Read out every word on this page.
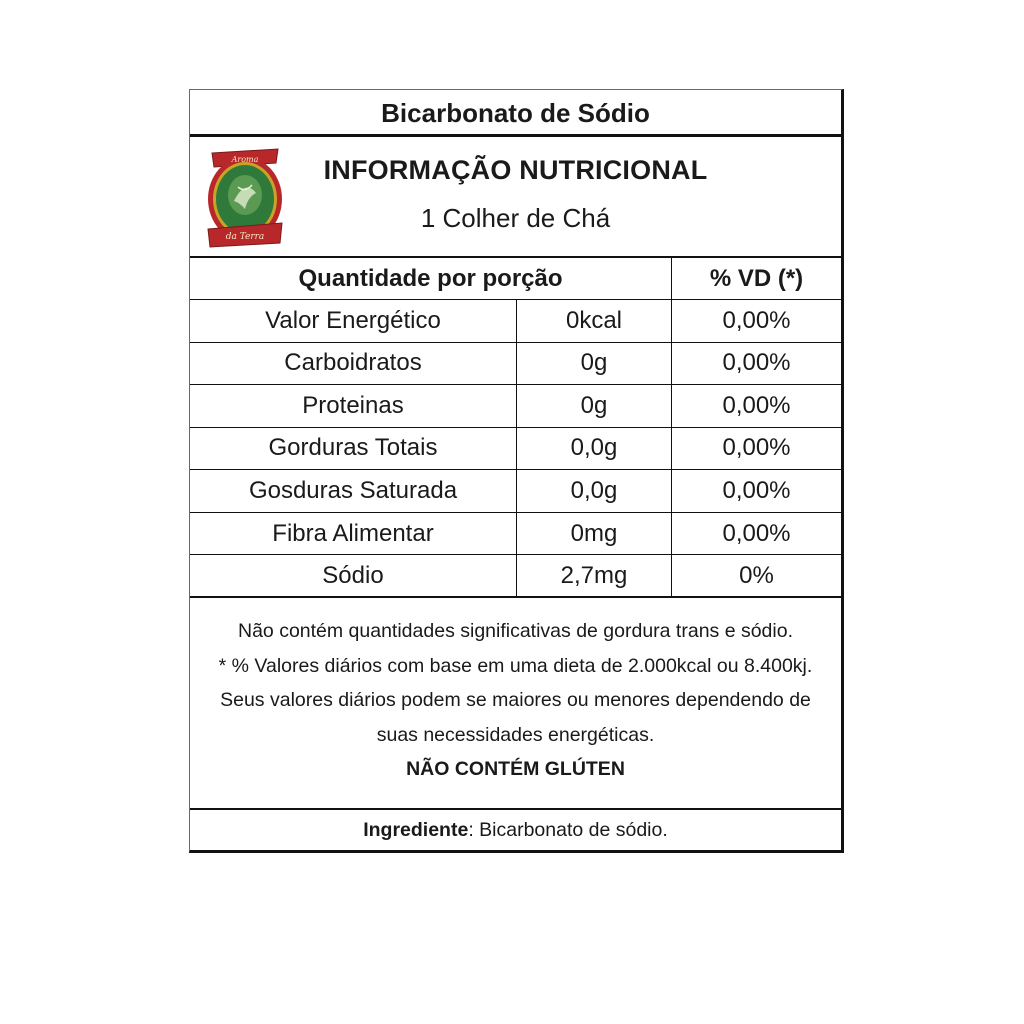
Bicarbonato de Sódio
Aroma
da Terra
INFORMAÇÃO NUTRICIONAL
1 Colher de Chá
Quantidade por porção	% VD (*)
Valor Energético	0kcal	0,00%
Carboidratos	0g	0,00%
Proteinas	0g	0,00%
Gorduras Totais	0,0g	0,00%
Gosduras Saturada	0,0g	0,00%
Fibra Alimentar	0mg	0,00%
Sódio	2,7mg	0%

Não contém quantidades significativas de gordura trans e sódio.

* % Valores diários com base em uma dieta de 2.000kcal ou 8.400kj.

Seus valores diários podem se maiores ou menores dependendo de

suas necessidades energéticas.

NÃO CONTÉM GLÚTEN

Ingrediente: Bicarbonato de sódio.
